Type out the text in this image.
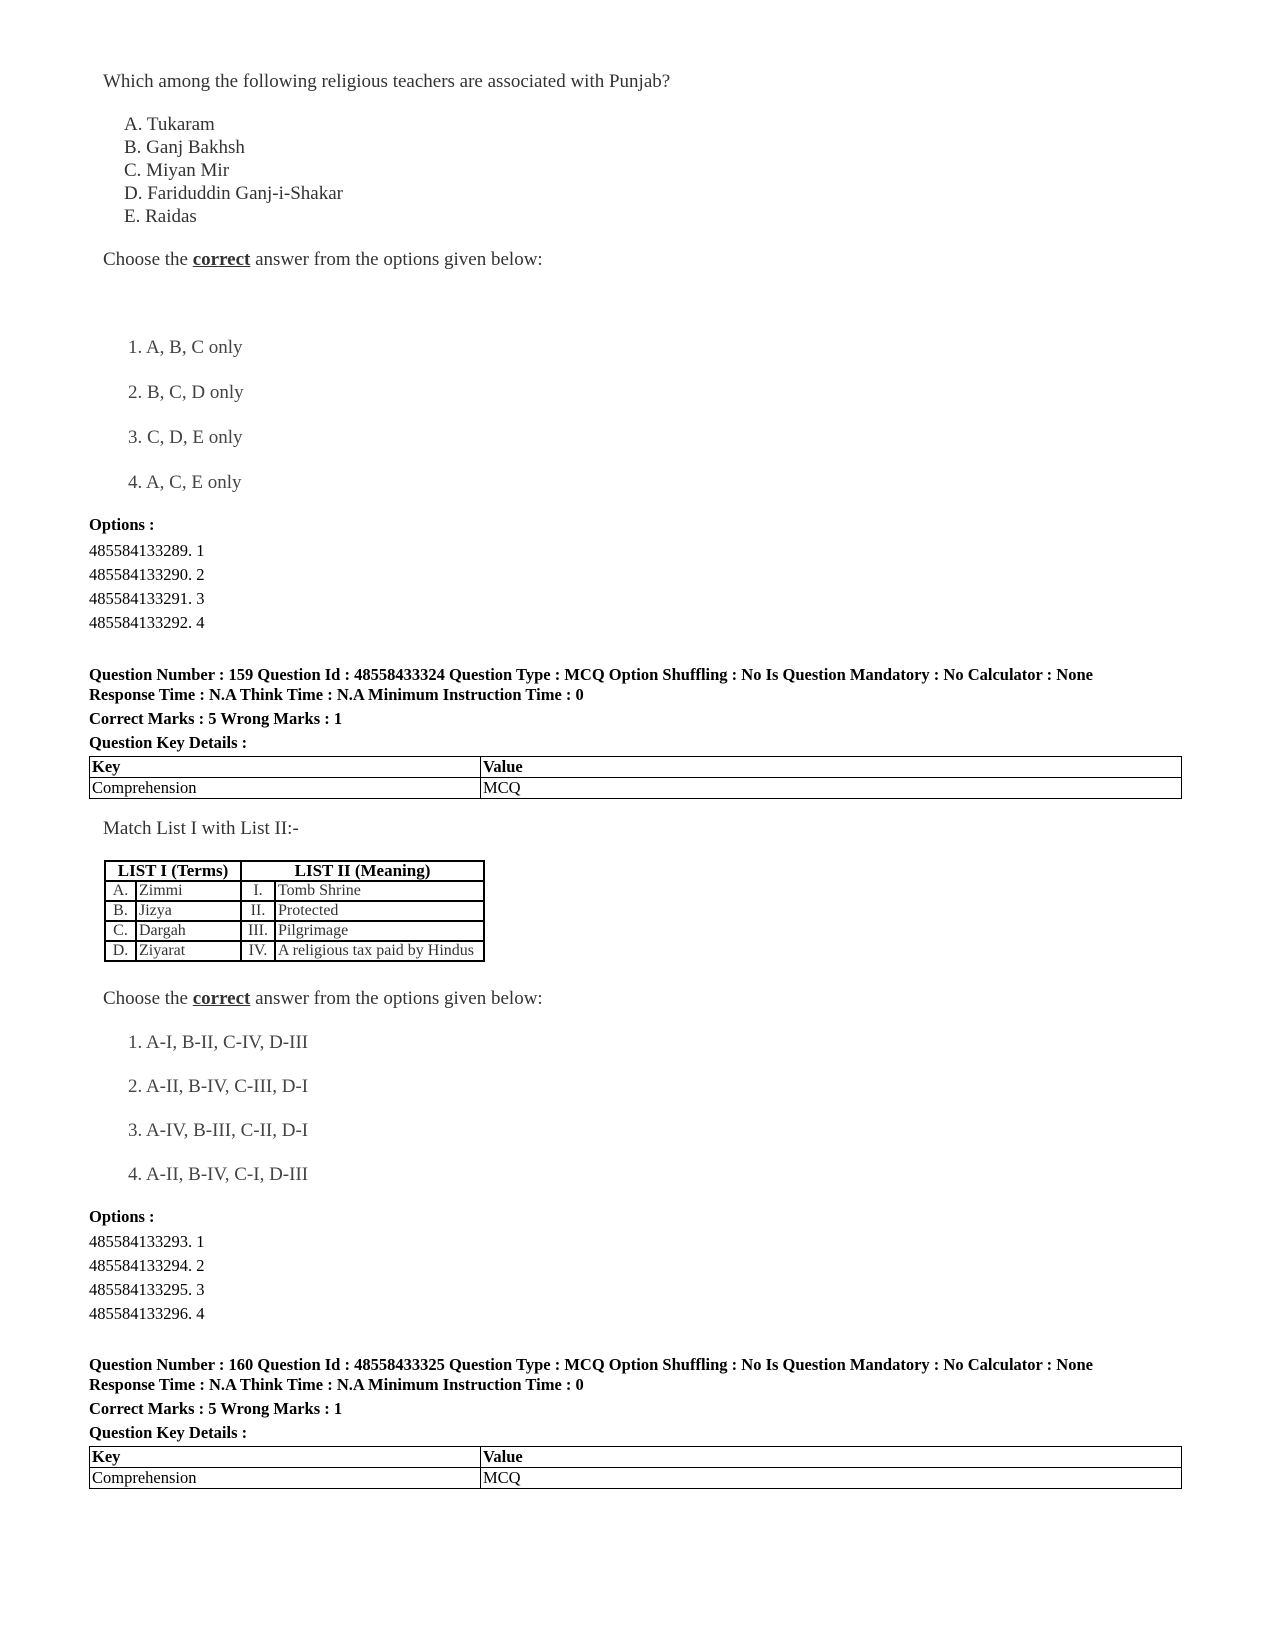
Which among the following religious teachers are associated with Punjab?
A. Tukaram
B. Ganj Bakhsh
C. Miyan Mir
D. Fariduddin Ganj-i-Shakar
E. Raidas
Choose the correct answer from the options given below:
1. A, B, C only
2. B, C, D only
3. C, D, E only
4. A, C, E only
Options :
485584133289. 1
485584133290. 2
485584133291. 3
485584133292. 4
Question Number : 159 Question Id : 48558433324 Question Type : MCQ Option Shuffling : No Is Question Mandatory : No Calculator : None
Response Time : N.A Think Time : N.A Minimum Instruction Time : 0
Correct Marks : 5 Wrong Marks : 1
Question Key Details :
Key	Value
Comprehension	MCQ
Match List I with List II:-
LIST I (Terms)		LIST II (Meaning)	
A.	Zimmi	I.	Tomb Shrine
B.	Jizya	II.	Protected
C.	Dargah	III.	Pilgrimage
D.	Ziyarat	IV.	A religious tax paid by Hindus
Choose the correct answer from the options given below:
1. A-I, B-II, C-IV, D-III
2. A-II, B-IV, C-III, D-I
3. A-IV, B-III, C-II, D-I
4. A-II, B-IV, C-I, D-III
Options :
485584133293. 1
485584133294. 2
485584133295. 3
485584133296. 4
Question Number : 160 Question Id : 48558433325 Question Type : MCQ Option Shuffling : No Is Question Mandatory : No Calculator : None
Response Time : N.A Think Time : N.A Minimum Instruction Time : 0
Correct Marks : 5 Wrong Marks : 1
Question Key Details :
Key	Value
Comprehension	MCQ
